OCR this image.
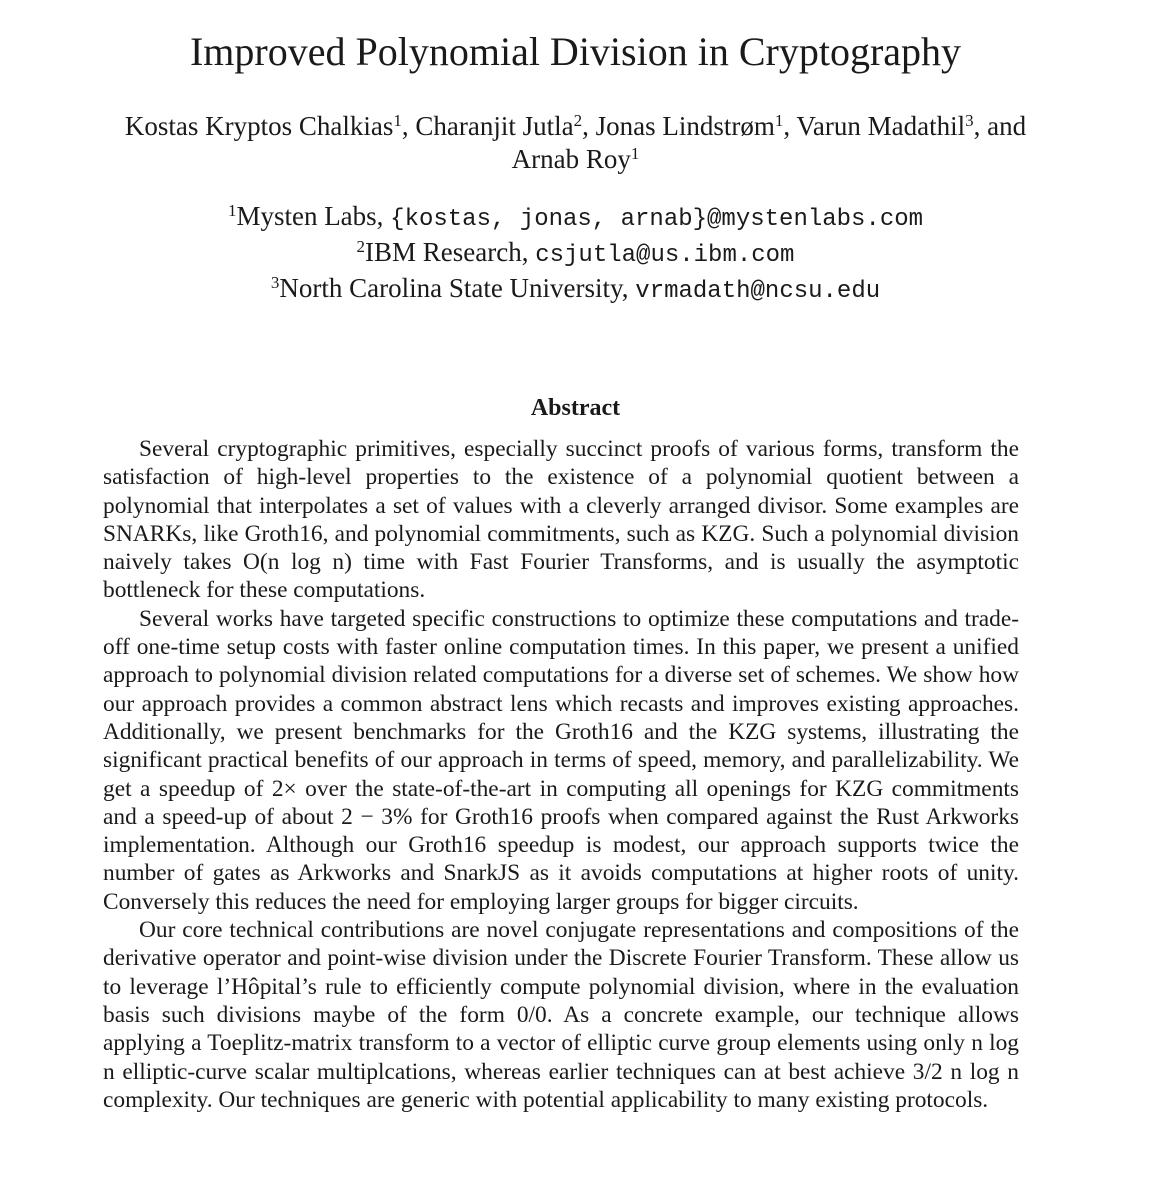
Improved Polynomial Division in Cryptography
Kostas Kryptos Chalkias$^1$, Charanjit Jutla$^2$, Jonas Lindstrøm$^1$, Varun Madathil$^3$, and
Arnab Roy$^1$
$^1$Mysten Labs, {kostas, jonas, arnab}@mystenlabs.com
$^2$IBM Research, csjutla@us.ibm.com
$^3$North Carolina State University, vrmadath@ncsu.edu
Abstract

Several cryptographic primitives, especially succinct proofs of various forms, transform the satisfaction of high-level properties to the existence of a polynomial quotient between a polynomial that interpolates a set of values with a cleverly arranged divisor. Some examples are SNARKs, like Groth16, and polynomial commitments, such as KZG. Such a polynomial division naively takes O(n log n) time with Fast Fourier Transforms, and is usually the asymptotic bottleneck for these computations.

Several works have targeted specific constructions to optimize these computations and trade-off one-time setup costs with faster online computation times. In this paper, we present a unified approach to polynomial division related computations for a diverse set of schemes. We show how our approach provides a common abstract lens which recasts and improves existing approaches. Additionally, we present benchmarks for the Groth16 and the KZG systems, illustrating the significant practical benefits of our approach in terms of speed, memory, and parallelizability. We get a speedup of 2× over the state-of-the-art in computing all openings for KZG commitments and a speed-up of about 2 − 3% for Groth16 proofs when compared against the Rust Arkworks implementation. Although our Groth16 speedup is modest, our approach supports twice the number of gates as Arkworks and SnarkJS as it avoids computations at higher roots of unity. Conversely this reduces the need for employing larger groups for bigger circuits.

Our core technical contributions are novel conjugate representations and compositions of the derivative operator and point-wise division under the Discrete Fourier Transform. These allow us to leverage l’Hôpital’s rule to efficiently compute polynomial division, where in the evaluation basis such divisions maybe of the form 0/0. As a concrete example, our technique allows applying a Toeplitz-matrix transform to a vector of elliptic curve group elements using only n log n elliptic-curve scalar multiplcations, whereas earlier techniques can at best achieve 3/2 n log n complexity. Our techniques are generic with potential applicability to many existing protocols.
